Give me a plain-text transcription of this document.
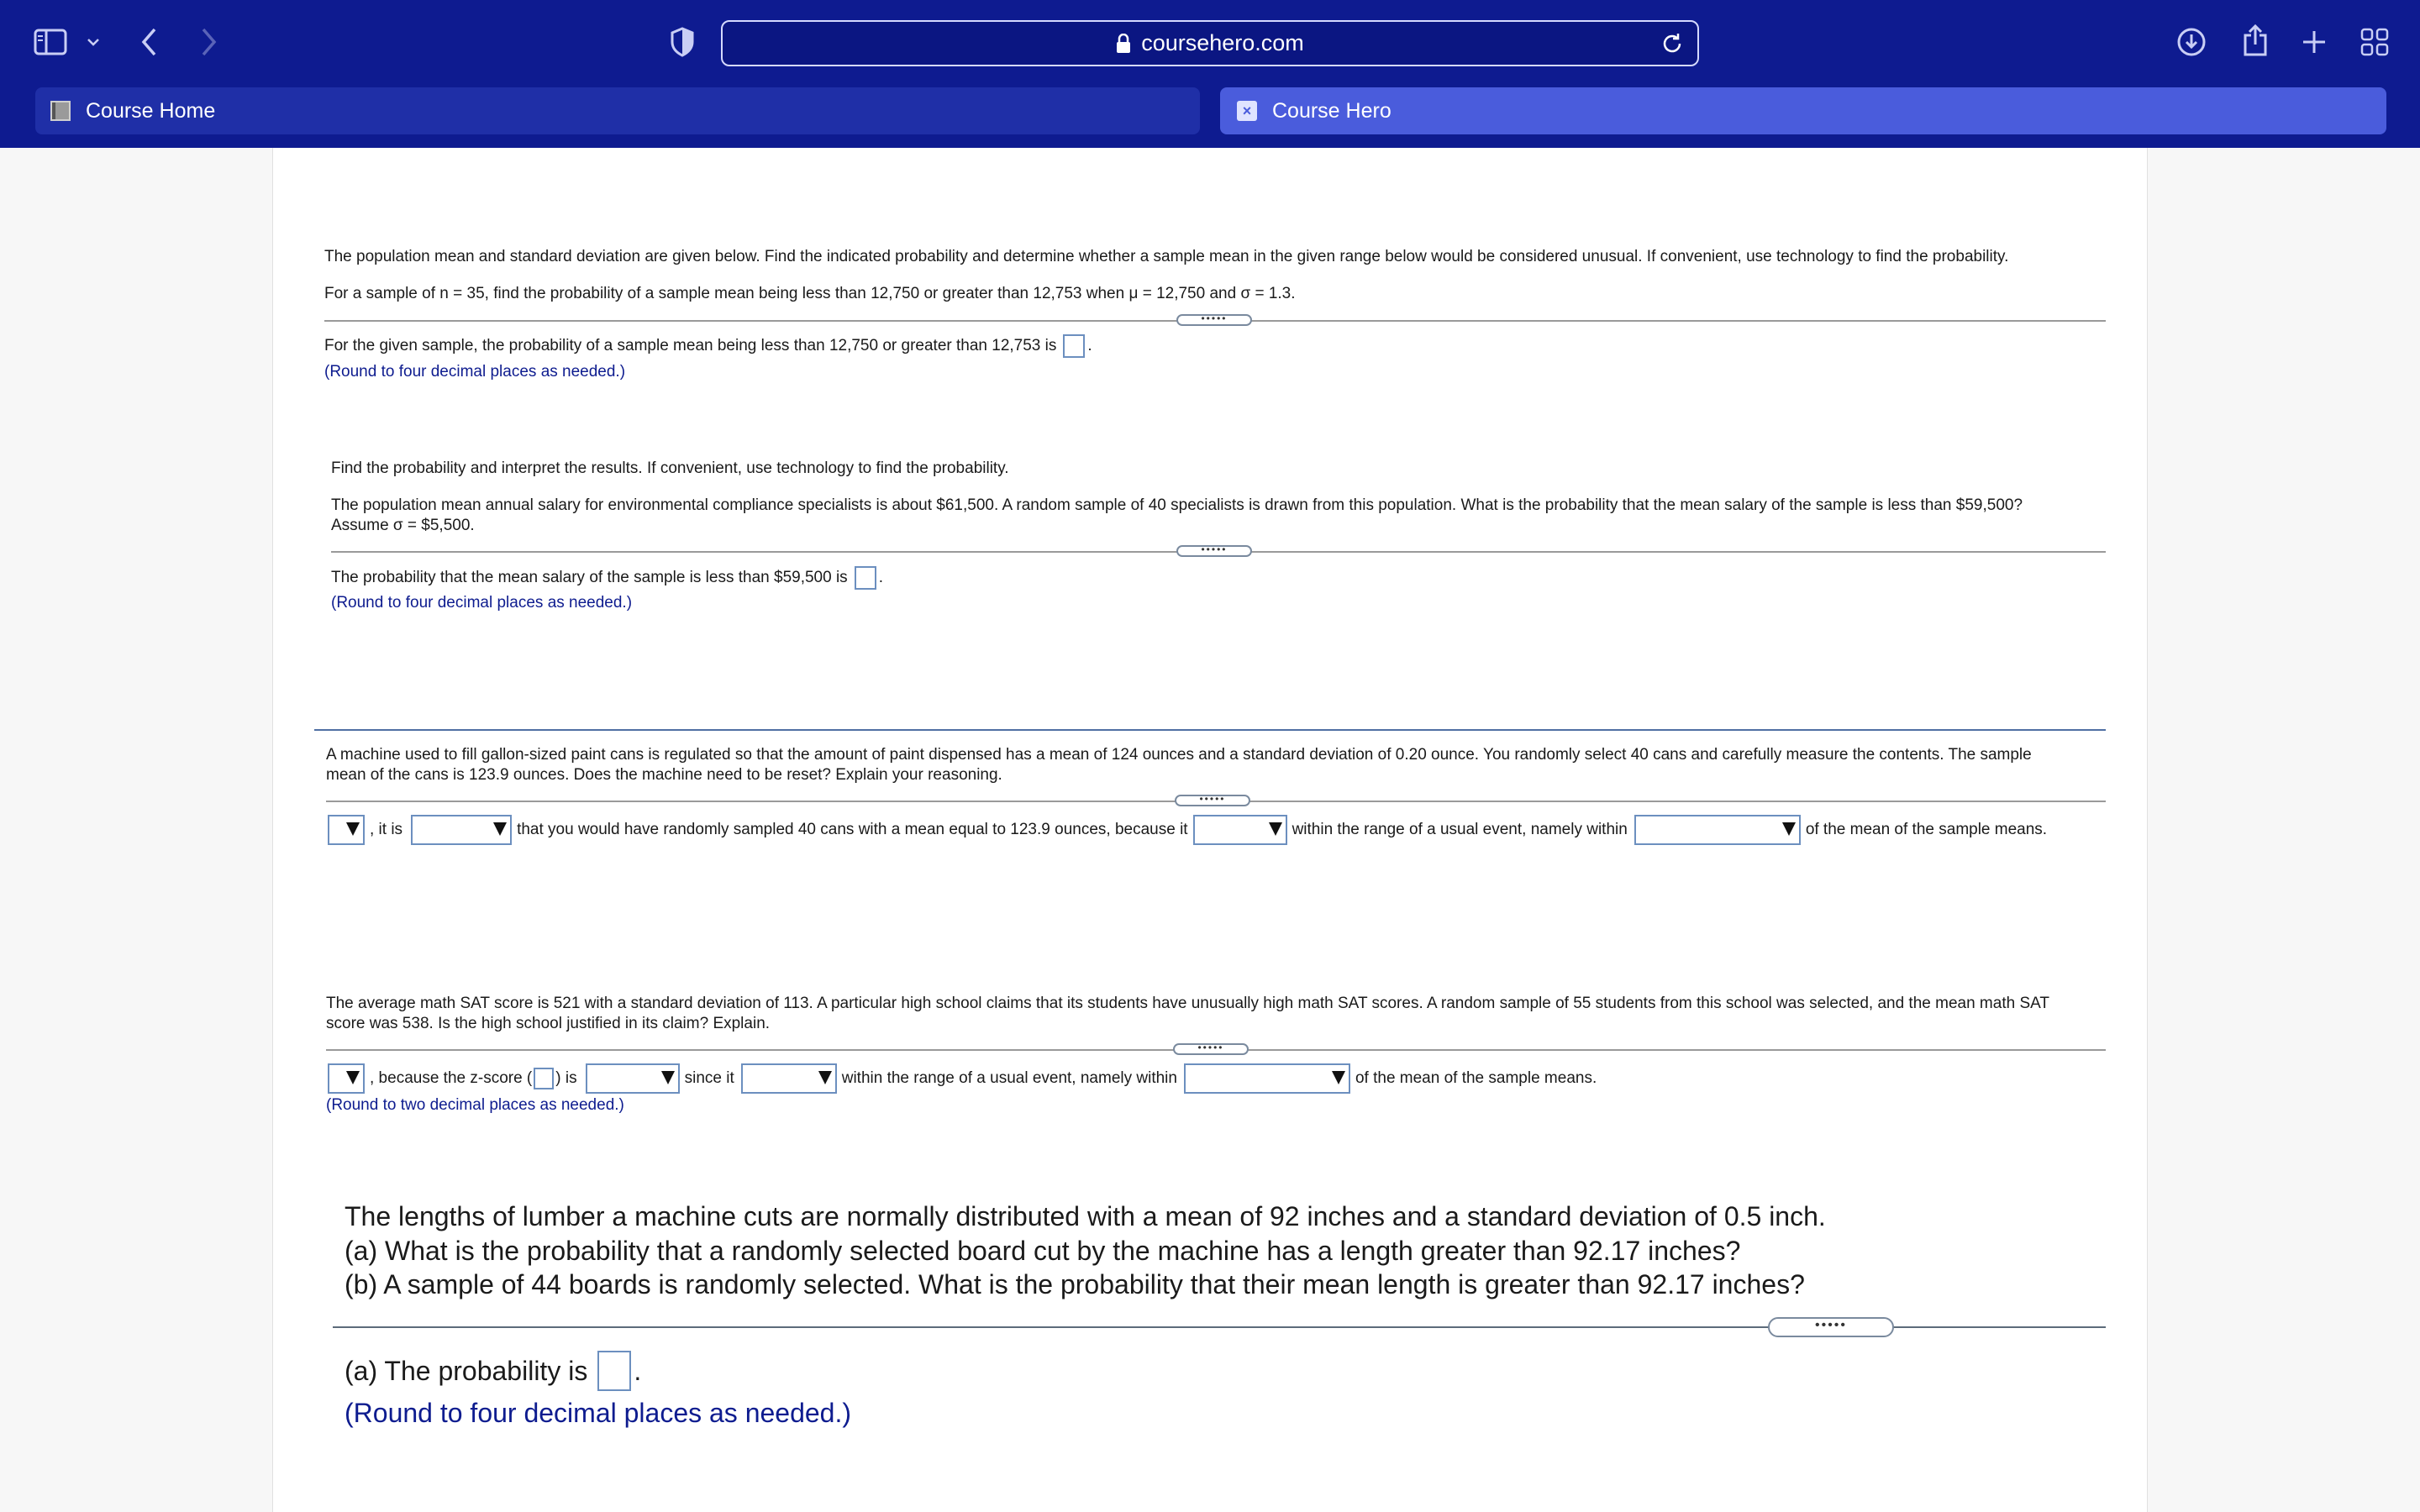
coursehero.com
Course Home	× Course Hero
The population mean and standard deviation are given below. Find the indicated probability and determine whether a sample mean in the given range below would be considered unusual. If convenient, use technology to find the probability.
For a sample of n = 35, find the probability of a sample mean being less than 12,750 or greater than 12,753 when μ = 12,750 and σ = 1.3.
•••••
For the given sample, the probability of a sample mean being less than 12,750 or greater than 12,753 is .
(Round to four decimal places as needed.)
Find the probability and interpret the results. If convenient, use technology to find the probability.
The population mean annual salary for environmental compliance specialists is about $61,500. A random sample of 40 specialists is drawn from this population. What is the probability that the mean salary of the sample is less than $59,500?
Assume σ = $5,500.
•••••
The probability that the mean salary of the sample is less than $59,500 is .
(Round to four decimal places as needed.)
A machine used to fill gallon-sized paint cans is regulated so that the amount of paint dispensed has a mean of 124 ounces and a standard deviation of 0.20 ounce. You randomly select 40 cans and carefully measure the contents. The sample
mean of the cans is 123.9 ounces. Does the machine need to be reset? Explain your reasoning.
•••••
, it is	that you would have randomly sampled 40 cans with a mean equal to 123.9 ounces, because it	within the range of a usual event, namely within	of the mean of the sample means.
The average math SAT score is 521 with a standard deviation of 113. A particular high school claims that its students have unusually high math SAT scores. A random sample of 55 students from this school was selected, and the mean math SAT
score was 538. Is the high school justified in its claim? Explain.
•••••
, because the z-score ( ) is	since it	within the range of a usual event, namely within	of the mean of the sample means.
(Round to two decimal places as needed.)
The lengths of lumber a machine cuts are normally distributed with a mean of 92 inches and a standard deviation of 0.5 inch.
(a) What is the probability that a randomly selected board cut by the machine has a length greater than 92.17 inches?
(b) A sample of 44 boards is randomly selected. What is the probability that their mean length is greater than 92.17 inches?
•••••
(a) The probability is .
(Round to four decimal places as needed.)
